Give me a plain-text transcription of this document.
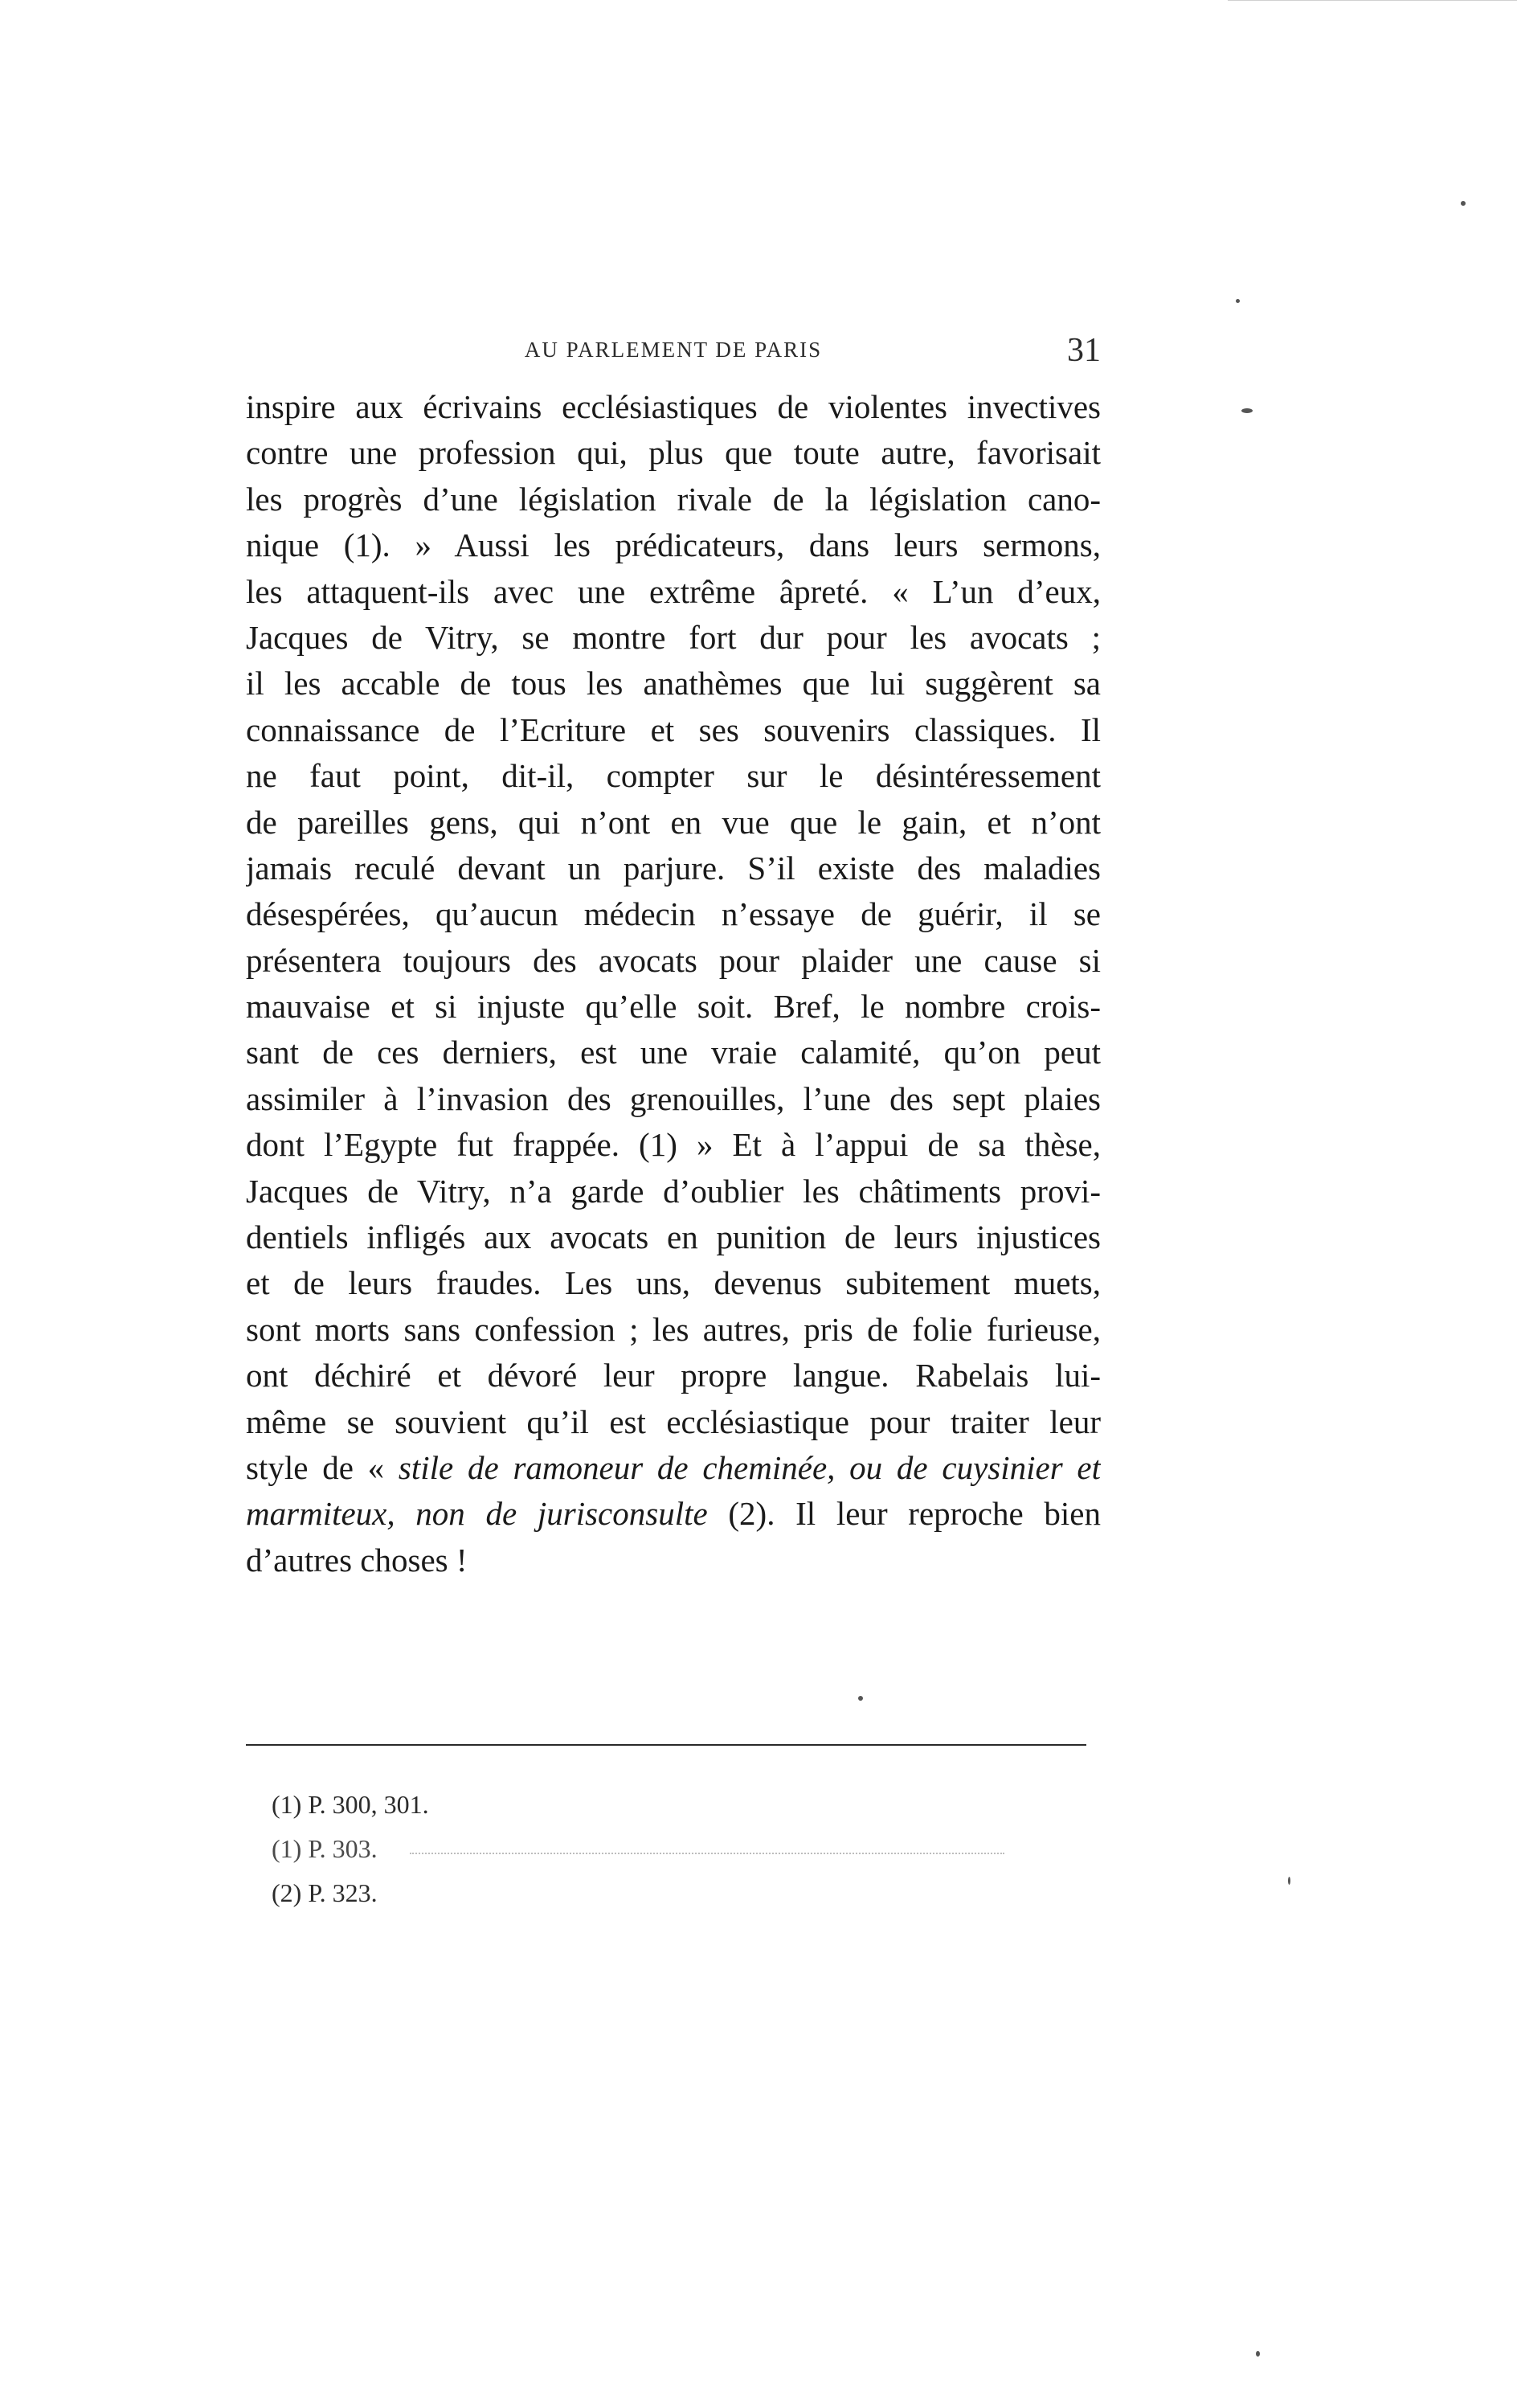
AU PARLEMENT DE PARIS	31
inspire aux écrivains ecclésiastiques de violentes invectives
contre une profession qui, plus que toute autre, favorisait
les progrès d’une législation rivale de la législation cano-
nique (1). » Aussi les prédicateurs, dans leurs sermons,
les attaquent-ils avec une extrême âpreté. « L’un d’eux,
Jacques de Vitry, se montre fort dur pour les avocats ;
il les accable de tous les anathèmes que lui suggèrent sa
connaissance de l’Ecriture et ses souvenirs classiques. Il
ne faut point, dit-il, compter sur le désintéressement
de pareilles gens, qui n’ont en vue que le gain, et n’ont
jamais reculé devant un parjure. S’il existe des maladies
désespérées, qu’aucun médecin n’essaye de guérir, il se
présentera toujours des avocats pour plaider une cause si
mauvaise et si injuste qu’elle soit. Bref, le nombre crois-
sant de ces derniers, est une vraie calamité, qu’on peut
assimiler à l’invasion des grenouilles, l’une des sept plaies
dont l’Egypte fut frappée. (1) » Et à l’appui de sa thèse,
Jacques de Vitry, n’a garde d’oublier les châtiments provi-
dentiels infligés aux avocats en punition de leurs injustices
et de leurs fraudes. Les uns, devenus subitement muets,
sont morts sans confession ; les autres, pris de folie furieuse,
ont déchiré et dévoré leur propre langue. Rabelais lui-
même se souvient qu’il est ecclésiastique pour traiter leur
style de « stile de ramoneur de cheminée, ou de cuysinier et
marmiteux, non de jurisconsulte (2). Il leur reproche bien
d’autres choses !
(1) P. 300, 301.
(1) P. 303.
(2) P. 323.
